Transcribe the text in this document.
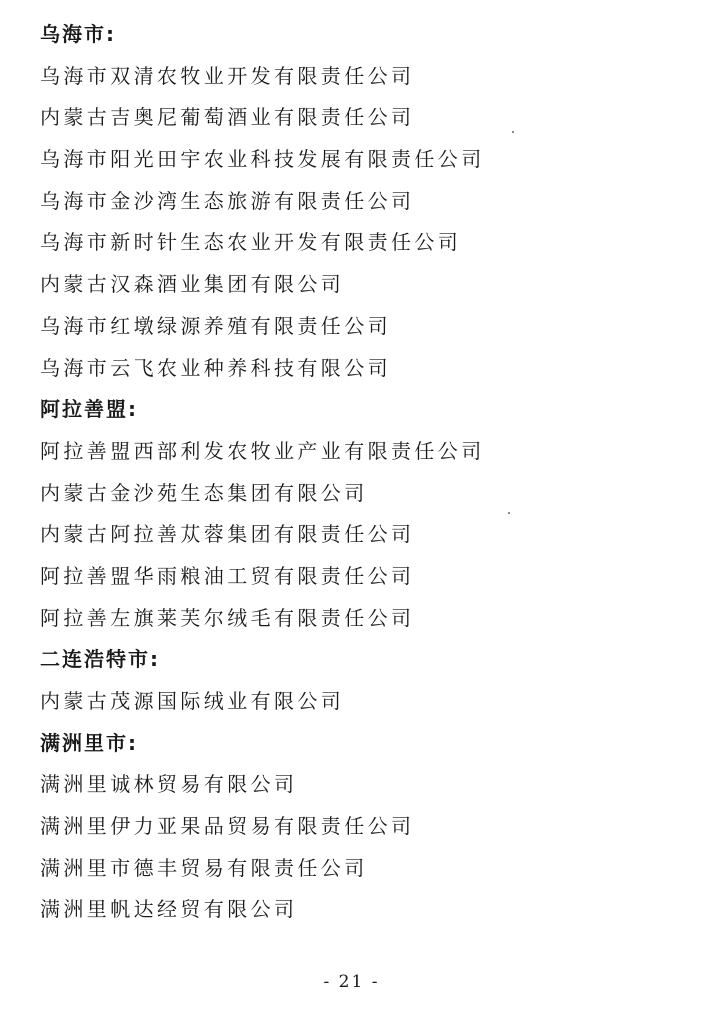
乌海市:
乌海市双清农牧业开发有限责任公司
内蒙古吉奥尼葡萄酒业有限责任公司
乌海市阳光田宇农业科技发展有限责任公司
乌海市金沙湾生态旅游有限责任公司
乌海市新时针生态农业开发有限责任公司
内蒙古汉森酒业集团有限公司
乌海市红墩绿源养殖有限责任公司
乌海市云飞农业种养科技有限公司
阿拉善盟:
阿拉善盟西部利发农牧业产业有限责任公司
内蒙古金沙苑生态集团有限公司
内蒙古阿拉善苁蓉集团有限责任公司
阿拉善盟华雨粮油工贸有限责任公司
阿拉善左旗莱芙尔绒毛有限责任公司
二连浩特市:
内蒙古茂源国际绒业有限公司
满洲里市:
满洲里诚林贸易有限公司
满洲里伊力亚果品贸易有限责任公司
满洲里市德丰贸易有限责任公司
满洲里帆达经贸有限公司
- 21 -
